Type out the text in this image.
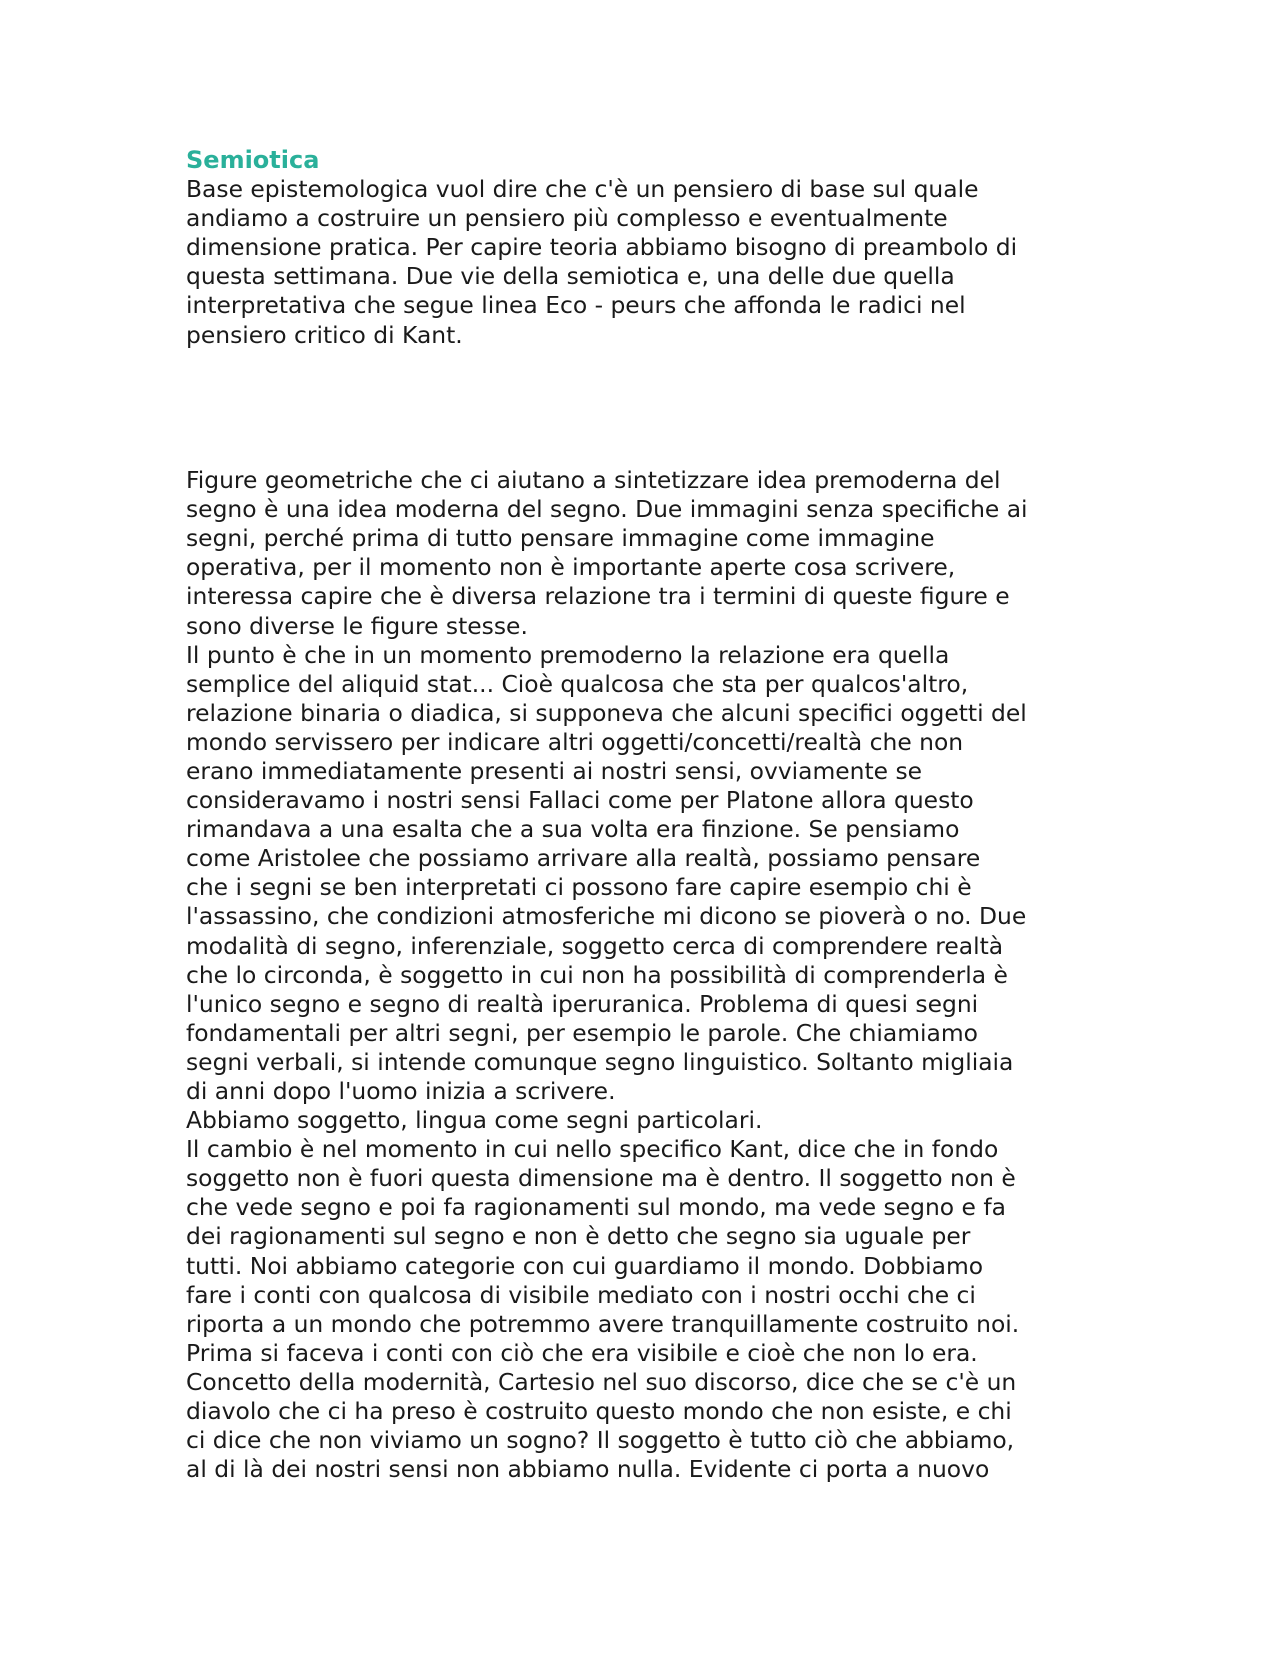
Semiotica
Base epistemologica vuol dire che c'è un pensiero di base sul quale
andiamo a costruire un pensiero più complesso e eventualmente
dimensione pratica. Per capire teoria abbiamo bisogno di preambolo di
questa settimana. Due vie della semiotica e, una delle due quella
interpretativa che segue linea Eco - peurs che affonda le radici nel
pensiero critico di Kant.
Figure geometriche che ci aiutano a sintetizzare idea premoderna del
segno è una idea moderna del segno. Due immagini senza specifiche ai
segni, perché prima di tutto pensare immagine come immagine
operativa, per il momento non è importante aperte cosa scrivere,
interessa capire che è diversa relazione tra i termini di queste figure e
sono diverse le figure stesse.
Il punto è che in un momento premoderno la relazione era quella
semplice del aliquid stat... Cioè qualcosa che sta per qualcos'altro,
relazione binaria o diadica, si supponeva che alcuni specifici oggetti del
mondo servissero per indicare altri oggetti/concetti/realtà che non
erano immediatamente presenti ai nostri sensi, ovviamente se
consideravamo i nostri sensi Fallaci come per Platone allora questo
rimandava a una esalta che a sua volta era finzione. Se pensiamo
come Aristolee che possiamo arrivare alla realtà, possiamo pensare
che i segni se ben interpretati ci possono fare capire esempio chi è
l'assassino, che condizioni atmosferiche mi dicono se pioverà o no. Due
modalità di segno, inferenziale, soggetto cerca di comprendere realtà
che lo circonda, è soggetto in cui non ha possibilità di comprenderla è
l'unico segno e segno di realtà iperuranica. Problema di quesi segni
fondamentali per altri segni, per esempio le parole. Che chiamiamo
segni verbali, si intende comunque segno linguistico. Soltanto migliaia
di anni dopo l'uomo inizia a scrivere.
Abbiamo soggetto, lingua come segni particolari.
Il cambio è nel momento in cui nello specifico Kant, dice che in fondo
soggetto non è fuori questa dimensione ma è dentro. Il soggetto non è
che vede segno e poi fa ragionamenti sul mondo, ma vede segno e fa
dei ragionamenti sul segno e non è detto che segno sia uguale per
tutti. Noi abbiamo categorie con cui guardiamo il mondo. Dobbiamo
fare i conti con qualcosa di visibile mediato con i nostri occhi che ci
riporta a un mondo che potremmo avere tranquillamente costruito noi.
Prima si faceva i conti con ciò che era visibile e cioè che non lo era.
Concetto della modernità, Cartesio nel suo discorso, dice che se c'è un
diavolo che ci ha preso è costruito questo mondo che non esiste, e chi
ci dice che non viviamo un sogno? Il soggetto è tutto ciò che abbiamo,
al di là dei nostri sensi non abbiamo nulla. Evidente ci porta a nuovo
